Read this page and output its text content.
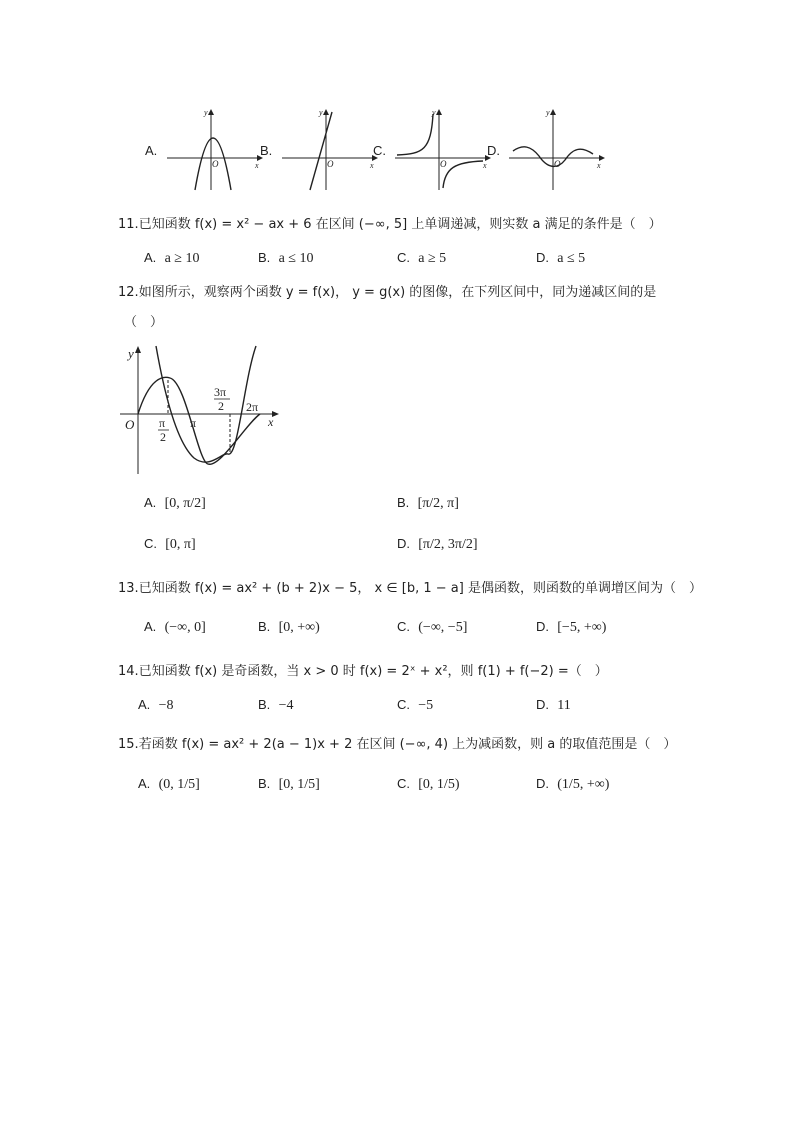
A.
y
x
O
B.
y
x
O
C.
y
x
O
D.
y
x
O
11.已知函数 f(x) = x² − ax + 6 在区间 (−∞, 5] 上单调递减，则实数 a 满足的条件是（　）
A. a ≥ 10	B. a ≤ 10	C. a ≥ 5	D. a ≤ 5
12.如图所示，观察两个函数 y = f(x)， y = g(x) 的图像，在下列区间中，同为递减区间的是
（　）
y
x
O π
2
π
3π
2 2π
A. [0, π/2]	B. [π/2, π]
C. [0, π]	D. [π/2, 3π/2]
13.已知函数 f(x) = ax² + (b + 2)x − 5， x ∈ [b, 1 − a] 是偶函数，则函数的单调增区间为（　）
A. (−∞, 0]	B. [0, +∞)	C. (−∞, −5]	D. [−5, +∞)
14.已知函数 f(x) 是奇函数，当 x > 0 时 f(x) = 2ˣ + x²，则 f(1) + f(−2) =（　）
A. −8	B. −4	C. −5	D. 11
15.若函数 f(x) = ax² + 2(a − 1)x + 2 在区间 (−∞, 4) 上为减函数，则 a 的取值范围是（　）
A. (0, 1/5]	B. [0, 1/5]	C. [0, 1/5)	D. (1/5, +∞)
